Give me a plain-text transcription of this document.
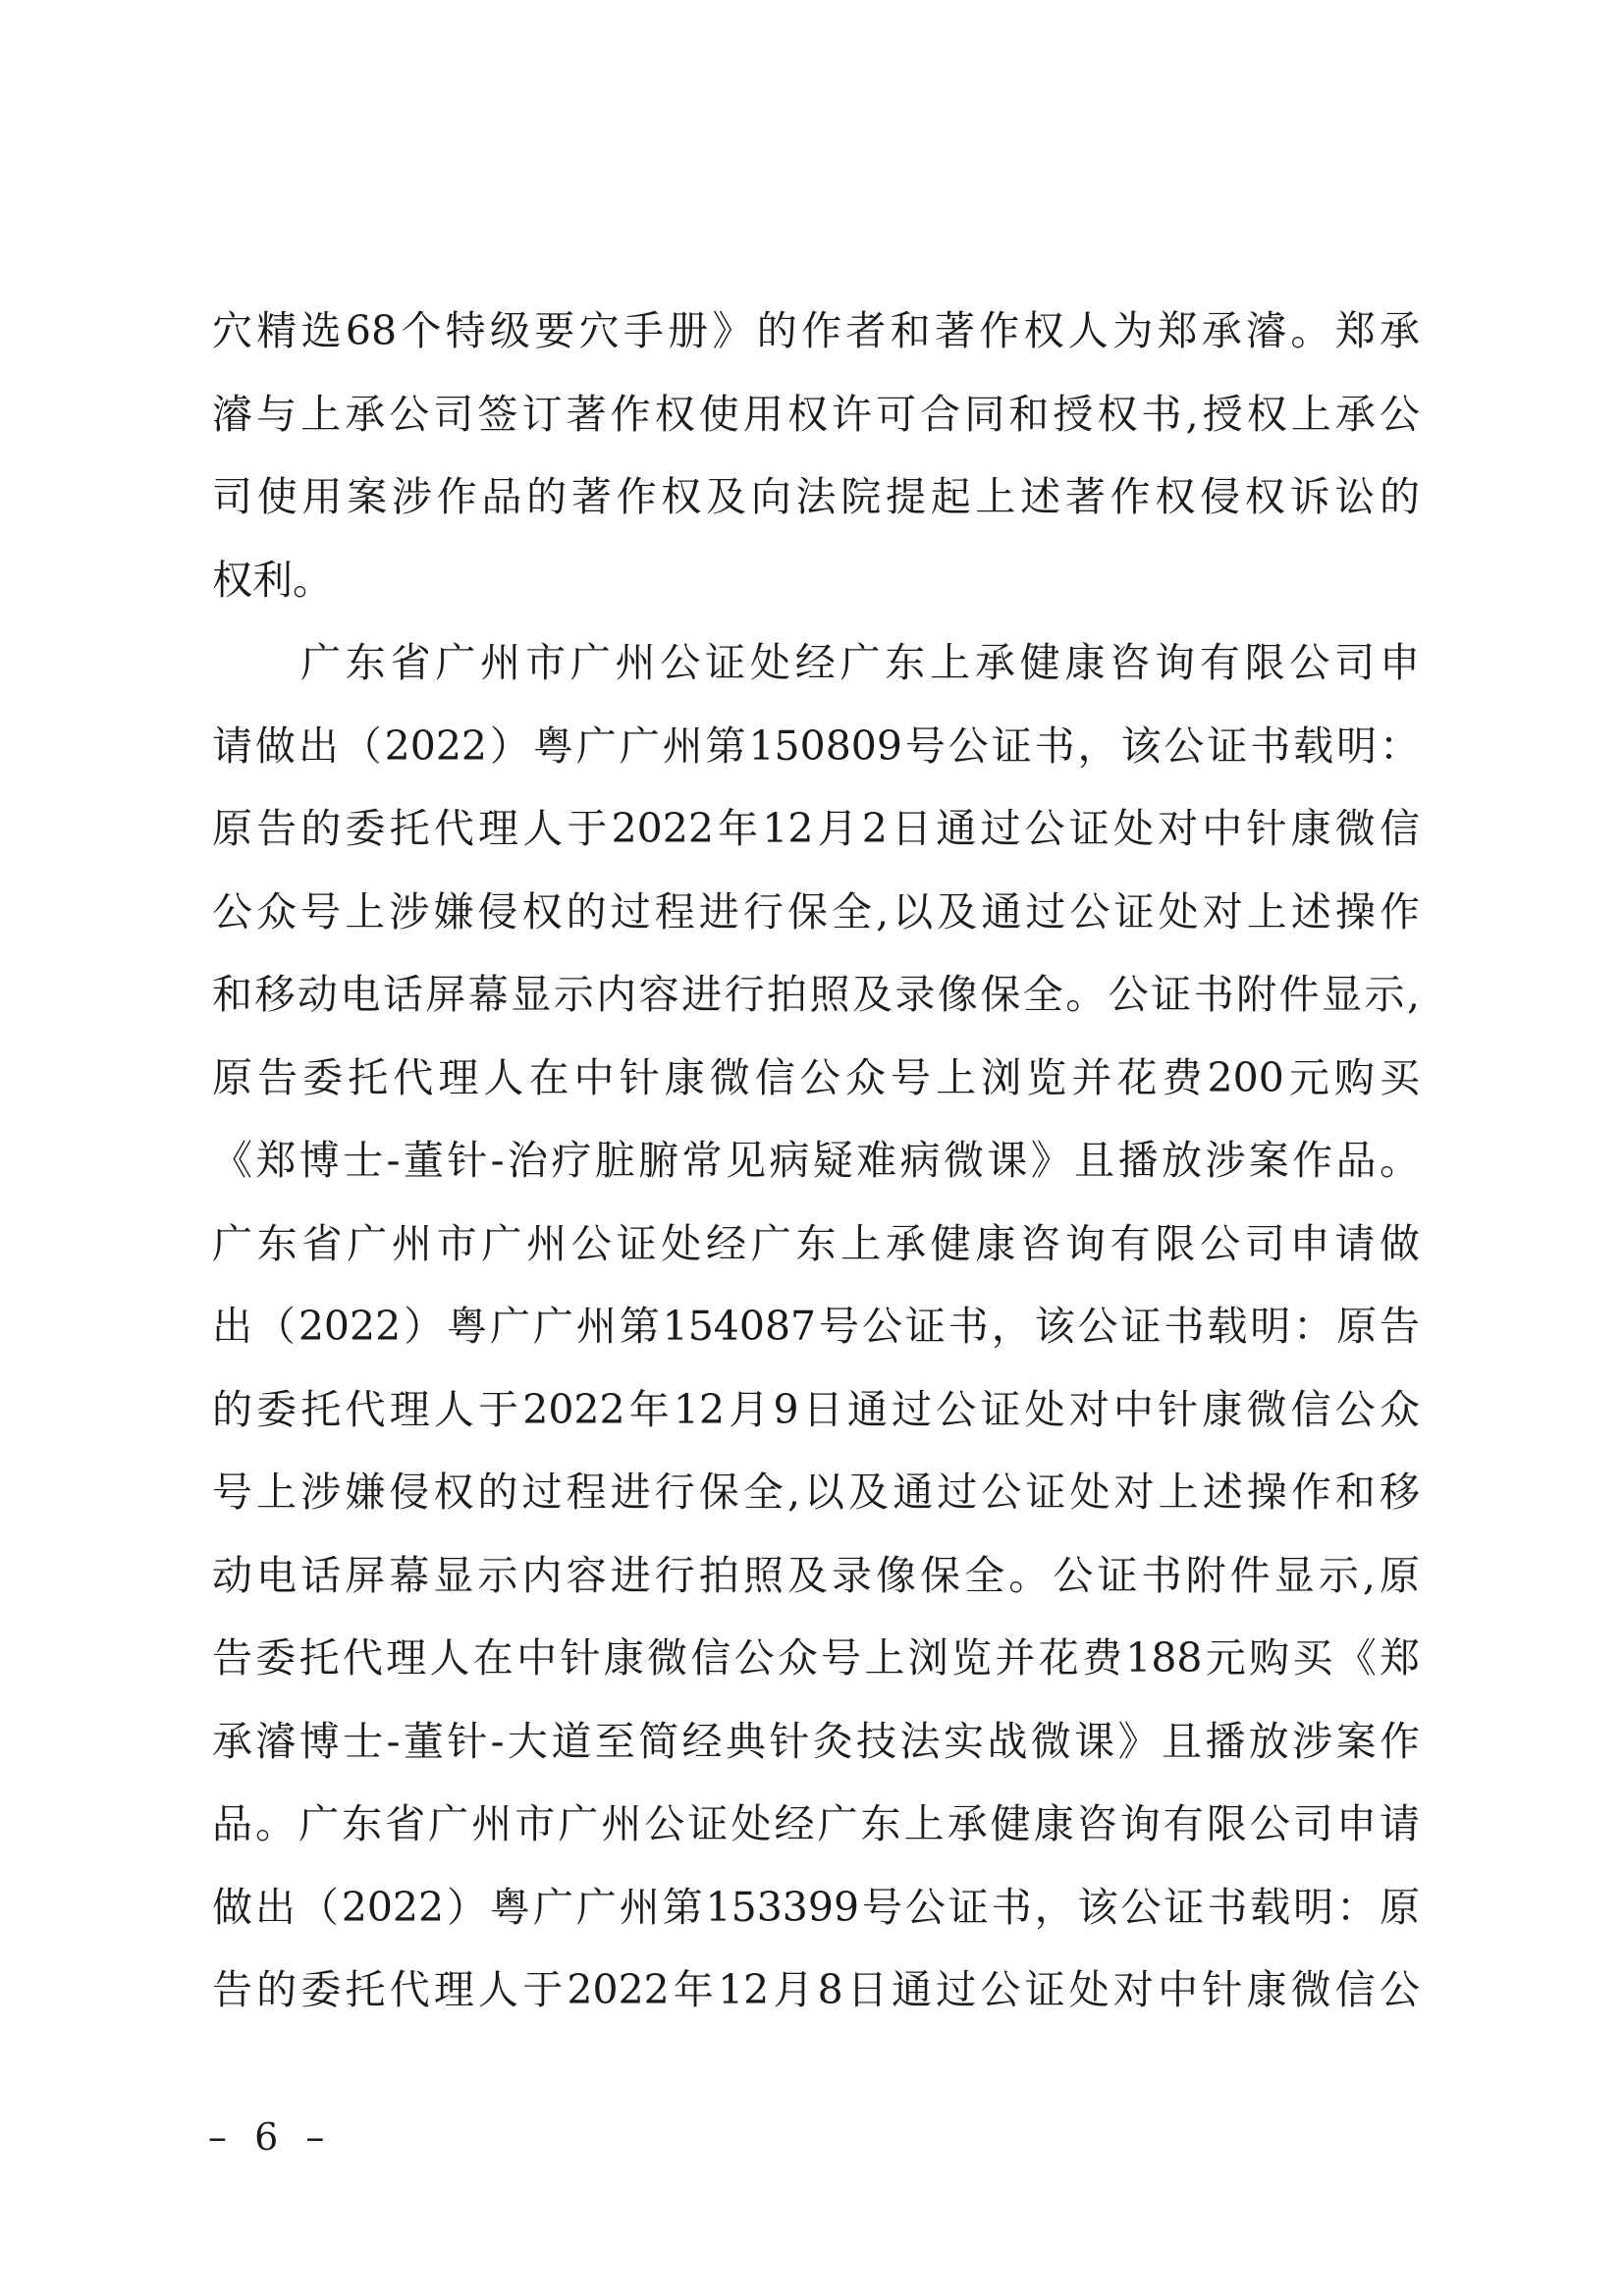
穴精选68个特级要穴手册》的作者和著作权人为郑承濬。郑承
濬与上承公司签订著作权使用权许可合同和授权书,授权上承公
司使用案涉作品的著作权及向法院提起上述著作权侵权诉讼的
权利。
广东省广州市广州公证处经广东上承健康咨询有限公司申
请做出（2022）粤广广州第150809号公证书，该公证书载明：
原告的委托代理人于2022年12月2日通过公证处对中针康微信
公众号上涉嫌侵权的过程进行保全,以及通过公证处对上述操作
和移动电话屏幕显示内容进行拍照及录像保全。公证书附件显示,
原告委托代理人在中针康微信公众号上浏览并花费200元购买
《郑博士-董针-治疗脏腑常见病疑难病微课》且播放涉案作品。
广东省广州市广州公证处经广东上承健康咨询有限公司申请做
出（2022）粤广广州第154087号公证书，该公证书载明：原告
的委托代理人于2022年12月9日通过公证处对中针康微信公众
号上涉嫌侵权的过程进行保全,以及通过公证处对上述操作和移
动电话屏幕显示内容进行拍照及录像保全。公证书附件显示,原
告委托代理人在中针康微信公众号上浏览并花费188元购买《郑
承濬博士-董针-大道至简经典针灸技法实战微课》且播放涉案作
品。广东省广州市广州公证处经广东上承健康咨询有限公司申请
做出（2022）粤广广州第153399号公证书，该公证书载明：原
告的委托代理人于2022年12月8日通过公证处对中针康微信公
– 6 –
